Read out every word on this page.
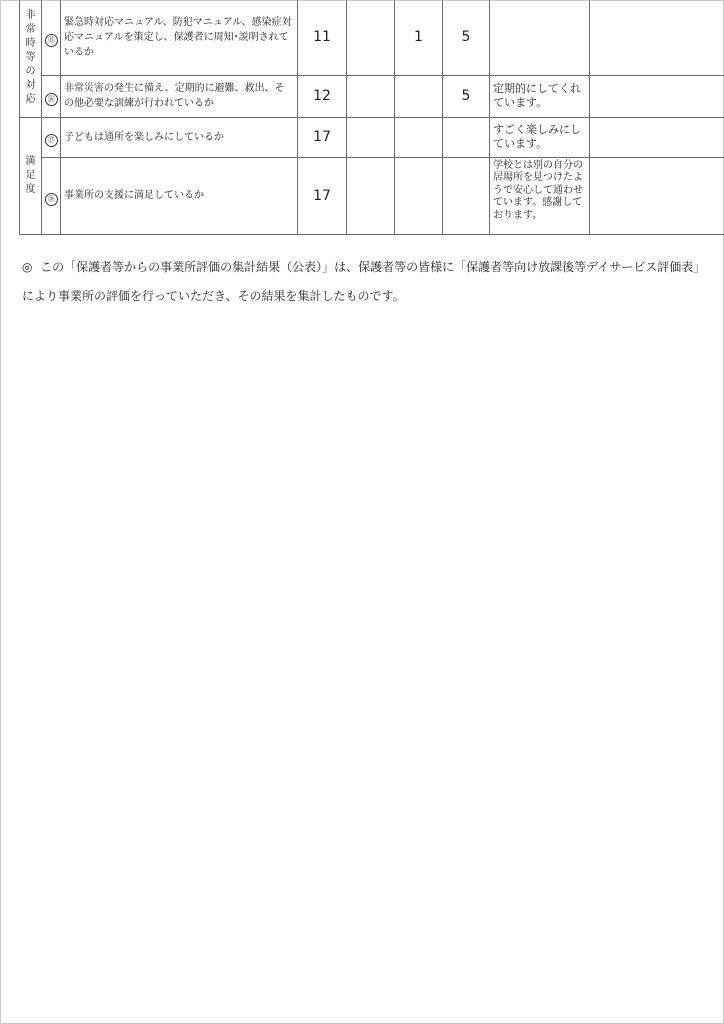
非常時等の対応	⑮	緊急時対応マニュアル、防犯マニュアル、感染症対応マニュアルを策定し、保護者に周知･説明されているか	11		1	5		
	⑯	非常災害の発生に備え、定期的に避難、救出、その他必要な訓練が行われているか	12			5	定期的にしてくれています。	
満足度	⑰	子どもは通所を楽しみにしているか	17				すごく楽しみにしています。	
	⑱	事業所の支援に満足しているか	17				学校とは別の自分の居場所を見つけたようで安心して通わせています。感謝しております。	
◎ この「保護者等からの事業所評価の集計結果（公表）」は、保護者等の皆様に「保護者等向け放課後等デイサービス評価表」により事業所の評価を行っていただき、その結果を集計したものです。
